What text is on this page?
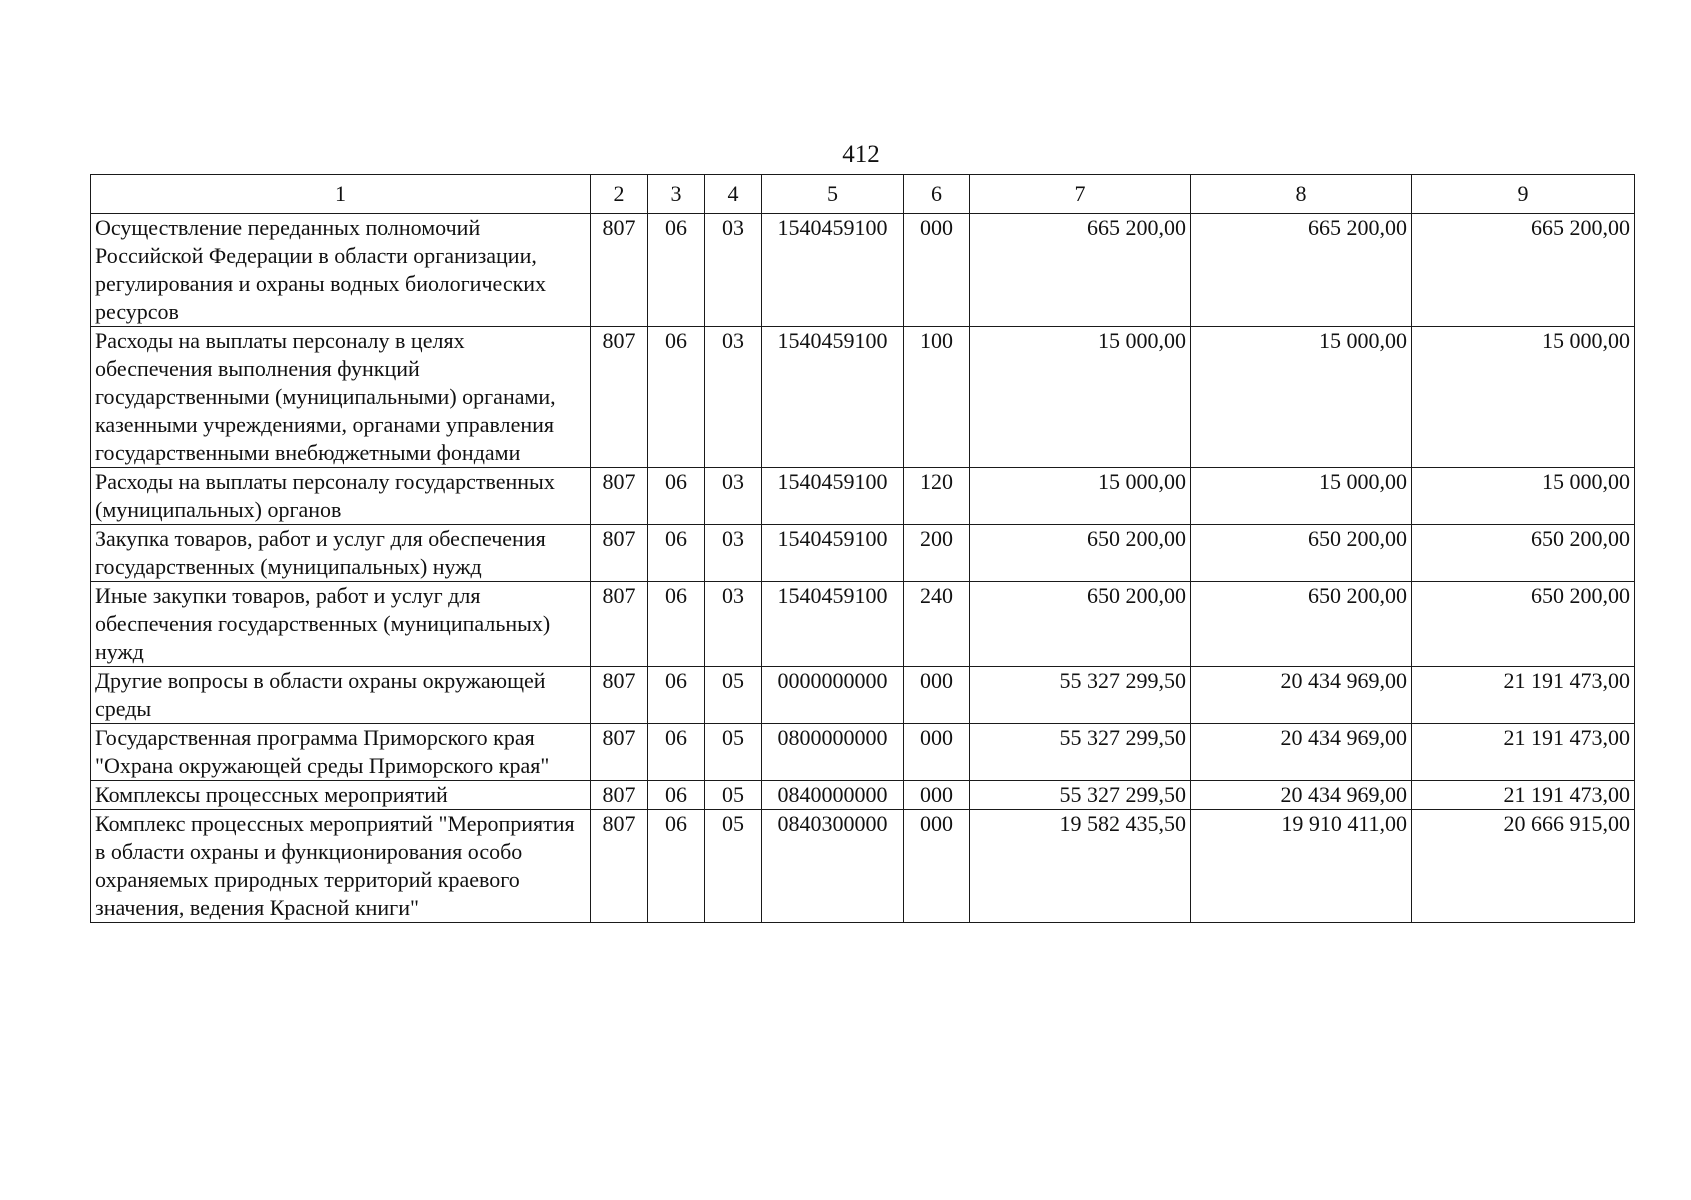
412
1	2	3	4	5	6	7	8	9
Осуществление переданных полномочий Российской Федерации в области организации, регулирования и охраны водных биологических ресурсов	807	06	03	1540459100	000	665 200,00	665 200,00	665 200,00
Расходы на выплаты персоналу в целях обеспечения выполнения функций государственными (муниципальными) органами, казенными учреждениями, органами управления государственными внебюджетными фондами	807	06	03	1540459100	100	15 000,00	15 000,00	15 000,00
Расходы на выплаты персоналу государственных (муниципальных) органов	807	06	03	1540459100	120	15 000,00	15 000,00	15 000,00
Закупка товаров, работ и услуг для обеспечения государственных (муниципальных) нужд	807	06	03	1540459100	200	650 200,00	650 200,00	650 200,00
Иные закупки товаров, работ и услуг для обеспечения государственных (муниципальных) нужд	807	06	03	1540459100	240	650 200,00	650 200,00	650 200,00
Другие вопросы в области охраны окружающей среды	807	06	05	0000000000	000	55 327 299,50	20 434 969,00	21 191 473,00
Государственная программа Приморского края "Охрана окружающей среды Приморского края"	807	06	05	0800000000	000	55 327 299,50	20 434 969,00	21 191 473,00
Комплексы процессных мероприятий	807	06	05	0840000000	000	55 327 299,50	20 434 969,00	21 191 473,00
Комплекс процессных мероприятий "Мероприятия в области охраны и функционирования особо охраняемых природных территорий краевого значения, ведения Красной книги"	807	06	05	0840300000	000	19 582 435,50	19 910 411,00	20 666 915,00
